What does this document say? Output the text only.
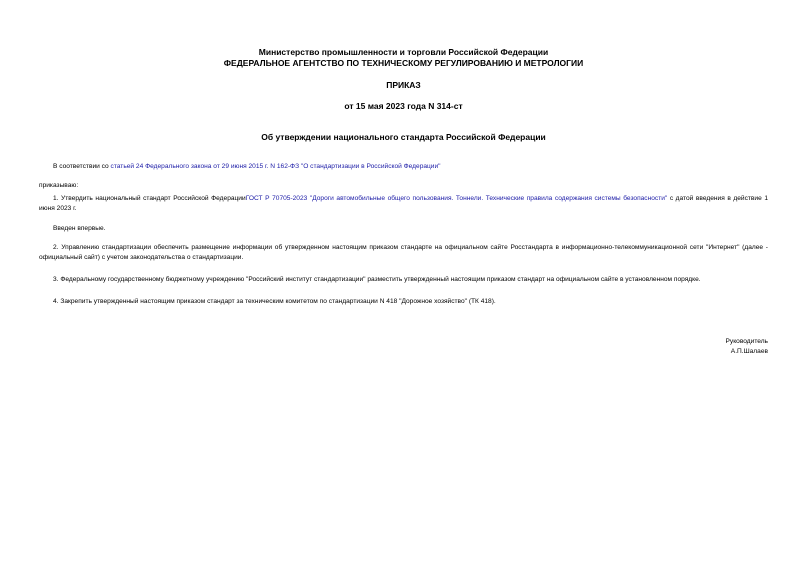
Министерство промышленности и торговли Российской Федерации
ФЕДЕРАЛЬНОЕ АГЕНТСТВО ПО ТЕХНИЧЕСКОМУ РЕГУЛИРОВАНИЮ И МЕТРОЛОГИИ
ПРИКАЗ
от 15 мая 2023 года N 314-ст
Об утверждении национального стандарта Российской Федерации
В соответствии со статьей 24 Федерального закона от 29 июня 2015 г. N 162-ФЗ "О стандартизации в Российской Федерации"
приказываю:
1. Утвердить национальный стандарт Российской ФедерацииГОСТ Р 70705-2023 "Дороги автомобильные общего пользования. Тоннели. Технические правила содержания системы безопасности" с датой введения в действие 1 июня 2023 г.
Введен впервые.
2. Управлению стандартизации обеспечить размещение информации об утвержденном настоящим приказом стандарте на официальном сайте Росстандарта в информационно-телекоммуникационной сети "Интернет" (далее - официальный сайт) с учетом законодательства о стандартизации.
3. Федеральному государственному бюджетному учреждению "Российский институт стандартизации" разместить утвержденный настоящим приказом стандарт на официальном сайте в установленном порядке.
4. Закрепить утвержденный настоящим приказом стандарт за техническим комитетом по стандартизации N 418 "Дорожное хозяйство" (ТК 418).
Руководитель
А.П.Шалаев
